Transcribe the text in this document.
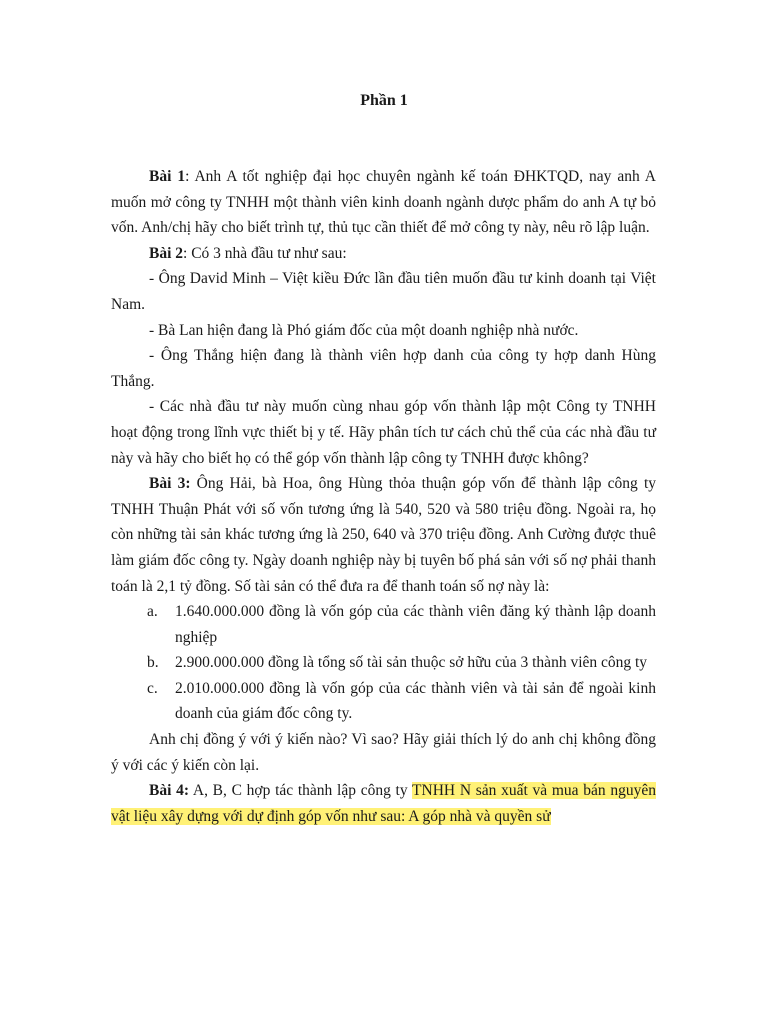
Phần 1

Bài 1: Anh A tốt nghiệp đại học chuyên ngành kế toán ĐHKTQD, nay anh A muốn mở công ty TNHH một thành viên kinh doanh ngành dược phẩm do anh A tự bỏ vốn. Anh/chị hãy cho biết trình tự, thủ tục cần thiết để mở công ty này, nêu rõ lập luận.

Bài 2: Có 3 nhà đầu tư như sau:

- Ông David Minh – Việt kiều Đức lần đầu tiên muốn đầu tư kinh doanh tại Việt Nam.

- Bà Lan hiện đang là Phó giám đốc của một doanh nghiệp nhà nước.

- Ông Thắng hiện đang là thành viên hợp danh của công ty hợp danh Hùng Thắng.

- Các nhà đầu tư này muốn cùng nhau góp vốn thành lập một Công ty TNHH hoạt động trong lĩnh vực thiết bị y tế. Hãy phân tích tư cách chủ thể của các nhà đầu tư này và hãy cho biết họ có thể góp vốn thành lập công ty TNHH được không?

Bài 3: Ông Hải, bà Hoa, ông Hùng thỏa thuận góp vốn để thành lập công ty TNHH Thuận Phát với số vốn tương ứng là 540, 520 và 580 triệu đồng. Ngoài ra, họ còn những tài sản khác tương ứng là 250, 640 và 370 triệu đồng. Anh Cường được thuê làm giám đốc công ty. Ngày doanh nghiệp này bị tuyên bố phá sản với số nợ phải thanh toán là 2,1 tỷ đồng. Số tài sản có thể đưa ra để thanh toán số nợ này là:

a.	1.640.000.000 đồng là vốn góp của các thành viên đăng ký thành lập doanh nghiệp
b.	2.900.000.000 đồng là tổng số tài sản thuộc sở hữu của 3 thành viên công ty
c.	2.010.000.000 đồng là vốn góp của các thành viên và tài sản để ngoài kinh doanh của giám đốc công ty.

Anh chị đồng ý với ý kiến nào? Vì sao? Hãy giải thích lý do anh chị không đồng ý với các ý kiến còn lại.

Bài 4: A, B, C hợp tác thành lập công ty TNHH N sản xuất và mua bán nguyên vật liệu xây dựng với dự định góp vốn như sau: A góp nhà và quyền sử
